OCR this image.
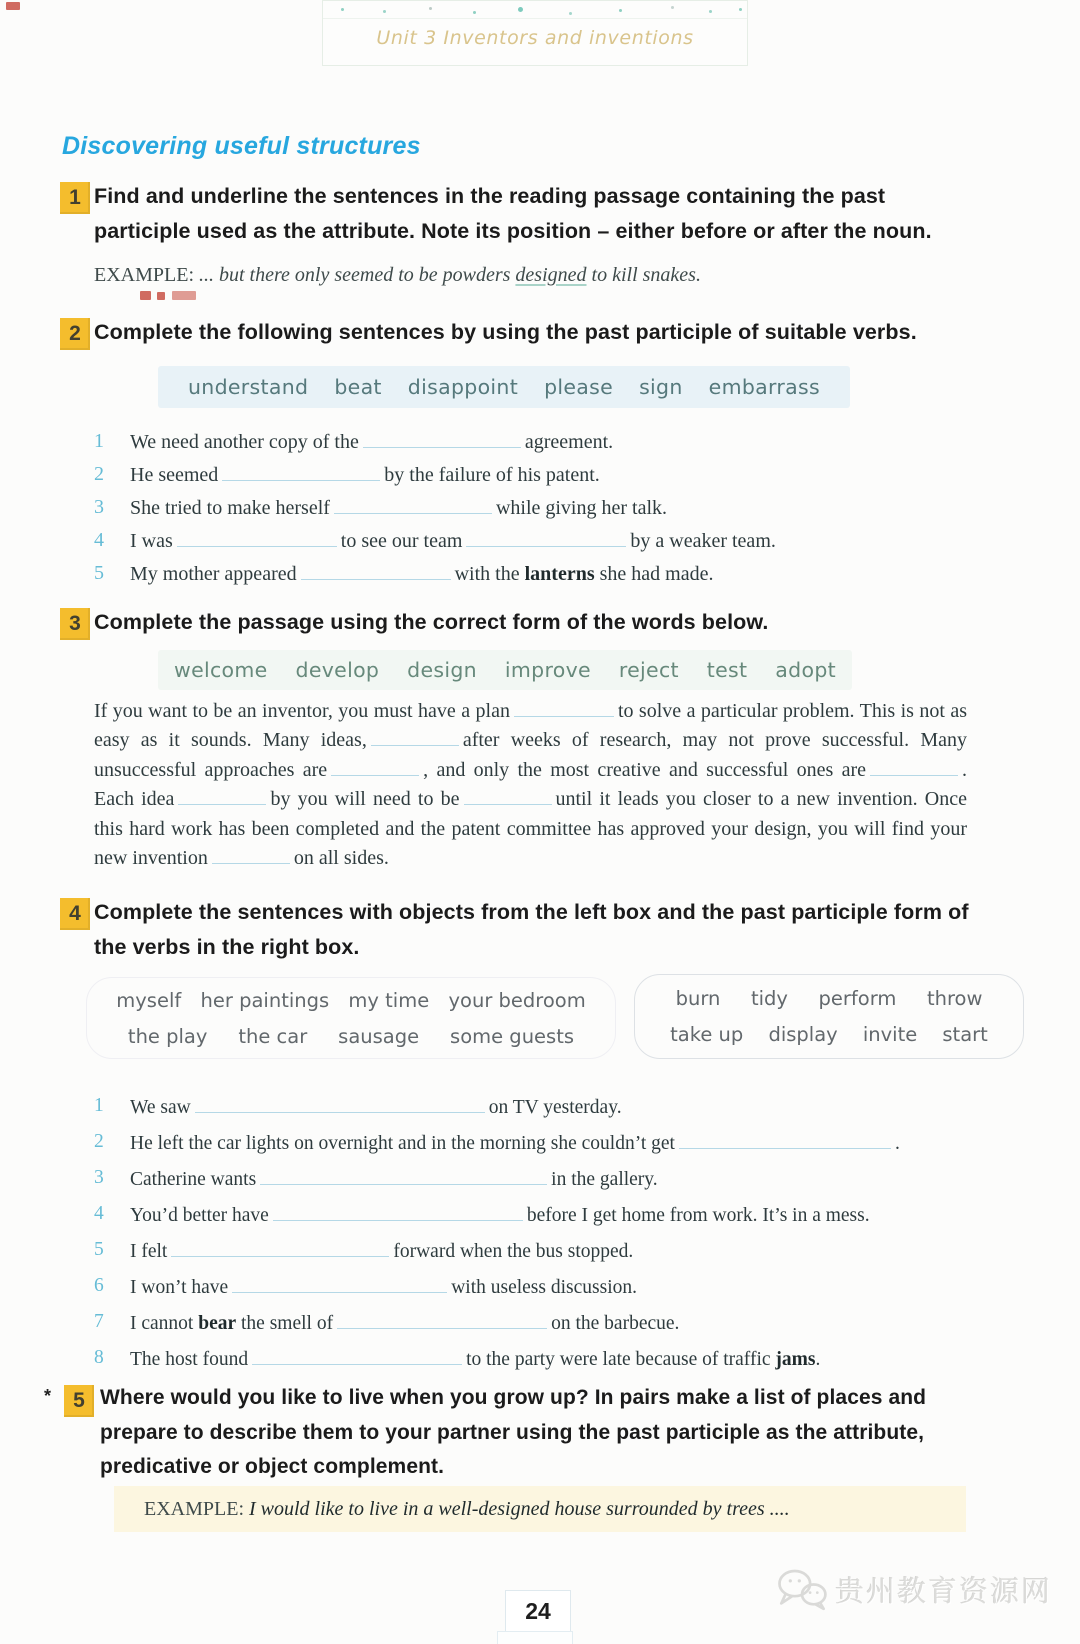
Unit 3 Inventors and inventions
Discovering useful structures
1 Find and underline the sentences in the reading passage containing the past participle used as the attribute. Note its position – either before or after the noun.
EXAMPLE: ... but there only seemed to be powders designed to kill snakes.
2 Complete the following sentences by using the past participle of suitable verbs.
understand beat disappoint please sign embarrass
1	We need another copy of the	agreement.
2	He seemed	by the failure of his patent.
3	She tried to make herself	while giving her talk.
4	I was	to see our team	by a weaker team.
5	My mother appeared	with the lanterns she had made.
3 Complete the passage using the correct form of the words below.
welcome develop design improve reject test adopt
If you want to be an inventor, you must have a plan	to solve a particular problem. This is not as easy as it sounds. Many ideas,	after weeks of research, may not prove successful. Many unsuccessful approaches are	, and only the most creative and successful ones are	. Each idea	by you will need to be	until it leads you closer to a new invention. Once this hard work has been completed and the patent committee has approved your design, you will find your new invention	on all sides.
4 Complete the sentences with objects from the left box and the past participle form of the verbs in the right box.
myself her paintings my time your bedroom
the play the car sausage some guests
burn tidy perform throw
take up display invite start
1	We saw	on TV yesterday.
2	He left the car lights on overnight and in the morning she couldn’t get	.
3	Catherine wants	in the gallery.
4	You’d better have	before I get home from work. It’s in a mess.
5	I felt	forward when the bus stopped.
6	I won’t have	with useless discussion.
7	I cannot bear the smell of	on the barbecue.
8	The host found	to the party were late because of traffic jams.
*	5 Where would you like to live when you grow up? In pairs make a list of places and prepare to describe them to your partner using the past participle as the attribute, predicative or object complement.
EXAMPLE: I would like to live in a well-designed house surrounded by trees ....
24
贵州教育资源网
